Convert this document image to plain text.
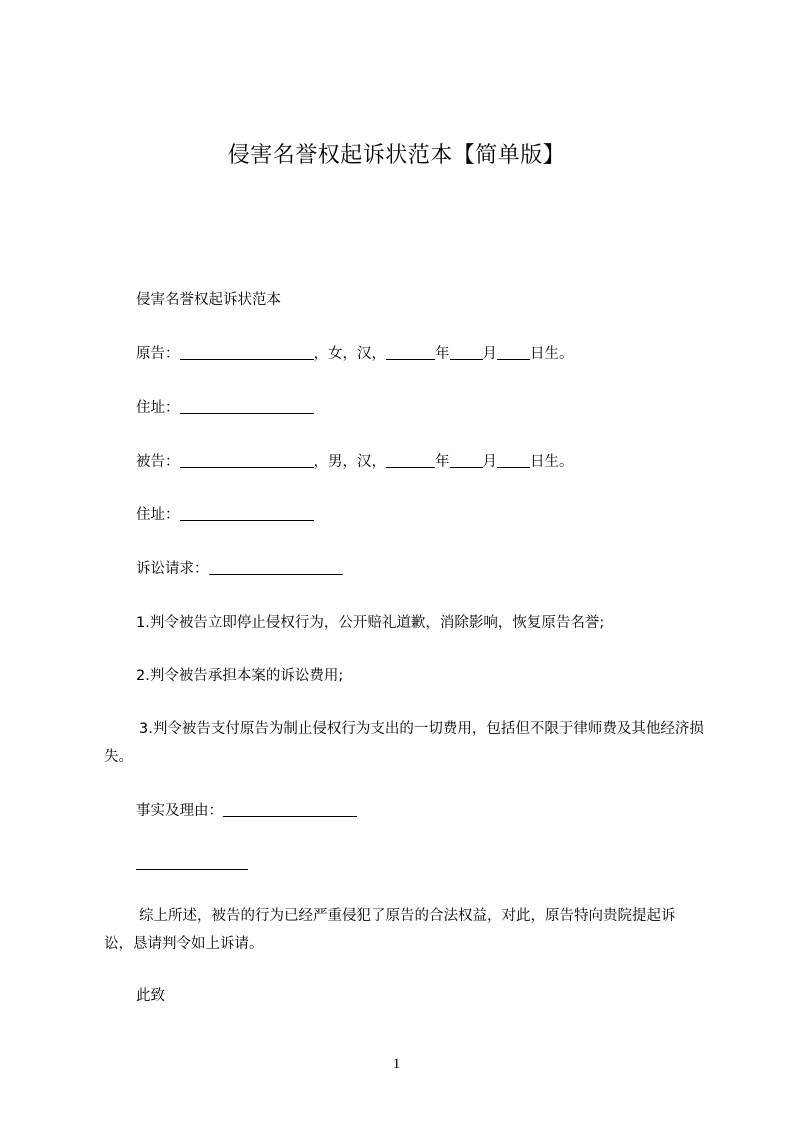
侵害名誉权起诉状范本【简单版】
侵害名誉权起诉状范本
原告：	，女，汉，	年 月 日生。
住址：
被告：	，男，汉，	年 月 日生。
住址：
诉讼请求：
1.判令被告立即停止侵权行为，公开赔礼道歉，消除影响，恢复原告名誉;
2.判令被告承担本案的诉讼费用;
3.判令被告支付原告为制止侵权行为支出的一切费用，包括但不限于律师费及其他经济损失。
事实及理由：
综上所述，被告的行为已经严重侵犯了原告的合法权益，对此，原告特向贵院提起诉讼，恳请判令如上诉请。
此致
1
